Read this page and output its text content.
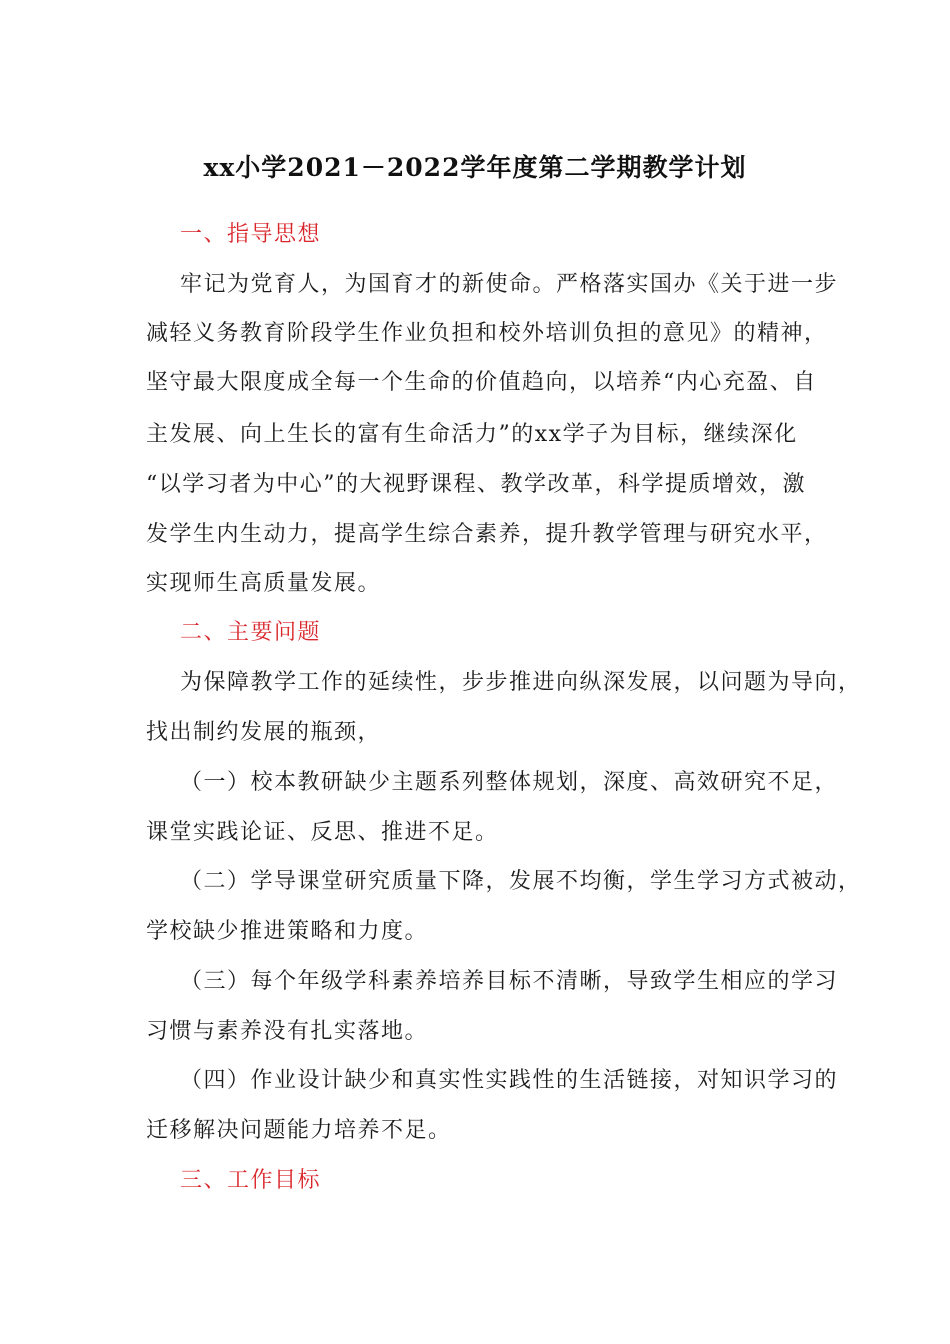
xx小学2021－2022学年度第二学期教学计划
一、指导思想
牢记为党育人，为国育才的新使命。严格落实国办《关于进一步
减轻义务教育阶段学生作业负担和校外培训负担的意见》的精神，
坚守最大限度成全每一个生命的价值趋向，以培养“内心充盈、自
主发展、向上生长的富有生命活力”的xx学子为目标，继续深化
“以学习者为中心”的大视野课程、教学改革，科学提质增效，激
发学生内生动力，提高学生综合素养，提升教学管理与研究水平，
实现师生高质量发展。
二、主要问题
为保障教学工作的延续性，步步推进向纵深发展，以问题为导向，
找出制约发展的瓶颈，
（一）校本教研缺少主题系列整体规划，深度、高效研究不足，
课堂实践论证、反思、推进不足。
（二）学导课堂研究质量下降，发展不均衡，学生学习方式被动，
学校缺少推进策略和力度。
（三）每个年级学科素养培养目标不清晰，导致学生相应的学习
习惯与素养没有扎实落地。
（四）作业设计缺少和真实性实践性的生活链接，对知识学习的
迁移解决问题能力培养不足。
三、工作目标
